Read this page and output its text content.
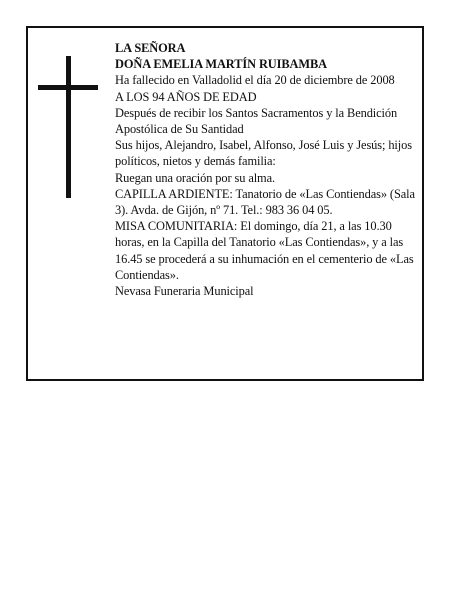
LA SEÑORA

DOÑA EMELIA MARTÍN RUIBAMBA

Ha fallecido en Valladolid el día 20 de diciembre de 2008

A LOS 94 AÑOS DE EDAD

Después de recibir los Santos Sacramentos y la Bendición Apostólica de Su Santidad

Sus hijos, Alejandro, Isabel, Alfonso, José Luis y Jesús; hijos políticos, nietos y demás familia:

Ruegan una oración por su alma.

CAPILLA ARDIENTE: Tanatorio de «Las Contiendas» (Sala 3). Avda. de Gijón, nº 71. Tel.: 983 36 04 05.

MISA COMUNITARIA: El domingo, día 21, a las 10.30 horas, en la Capilla del Tanatorio «Las Contiendas», y a las 16.45 se procederá a su inhumación en el cementerio de «Las Contiendas».

Nevasa Funeraria Municipal
